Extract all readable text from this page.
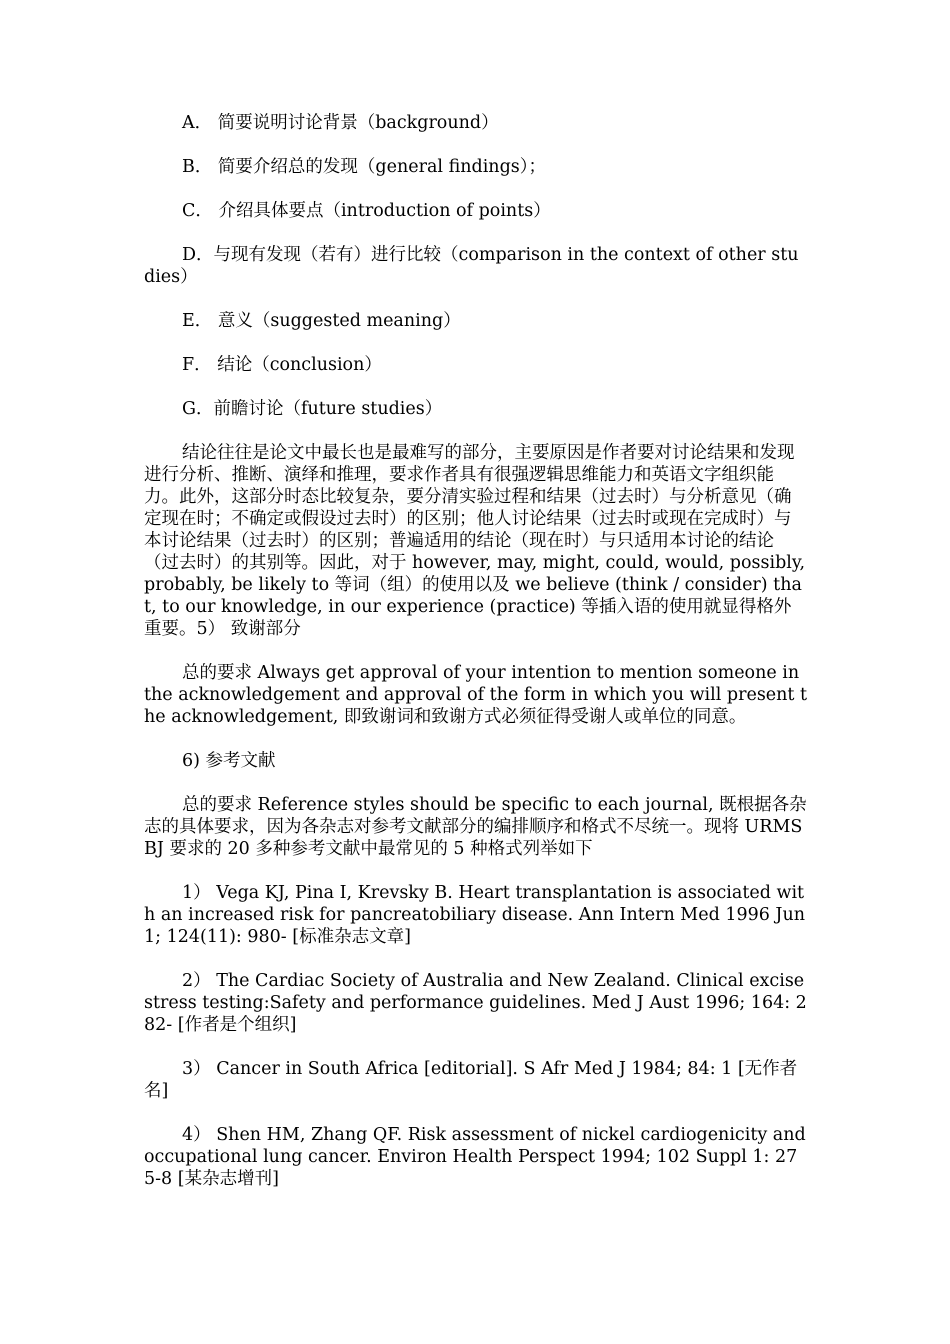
A． 简要说明讨论背景（background）

B． 简要介绍总的发现（general findings）；

C． 介绍具体要点（introduction of points）

D．与现有发现（若有）进行比较（comparison in the context of other studies）

E． 意义（suggested meaning）

F． 结论（conclusion）

G．前瞻讨论（future studies）

结论往往是论文中最长也是最难写的部分，主要原因是作者要对讨论结果和发现进行分析、推断、演绎和推理，要求作者具有很强逻辑思维能力和英语文字组织能力。此外，这部分时态比较复杂，要分清实验过程和结果（过去时）与分析意见（确定现在时；不确定或假设过去时）的区别；他人讨论结果（过去时或现在完成时）与本讨论结果（过去时）的区别；普遍适用的结论（现在时）与只适用本讨论的结论（过去时）的其别等。因此，对于 however, may, might, could, would, possibly, probably, be likely to 等词（组）的使用以及 we believe (think / consider) that, to our knowledge, in our experience (practice) 等插入语的使用就显得格外重要。5） 致谢部分

总的要求 Always get approval of your intention to mention someone in the acknowledgement and approval of the form in which you will present the acknowledgement, 即致谢词和致谢方式必须征得受谢人或单位的同意。

6) 参考文献

总的要求 Reference styles should be specific to each journal, 既根据各杂志的具体要求，因为各杂志对参考文献部分的编排顺序和格式不尽统一。现将 URMSBJ 要求的 20 多种参考文献中最常见的 5 种格式列举如下

1） Vega KJ, Pina I, Krevsky B. Heart transplantation is associated with an increased risk for pancreatobiliary disease. Ann Intern Med 1996 Jun 1; 124(11): 980- [标准杂志文章]

2） The Cardiac Society of Australia and New Zealand. Clinical excise stress testing:Safety and performance guidelines. Med J Aust 1996; 164: 282- [作者是个组织]

3） Cancer in South Africa [editorial]. S Afr Med J 1984; 84: 1 [无作者名]

4） Shen HM, Zhang QF. Risk assessment of nickel cardiogenicity and occupational lung cancer. Environ Health Perspect 1994; 102 Suppl 1: 275-8 [某杂志增刊]
